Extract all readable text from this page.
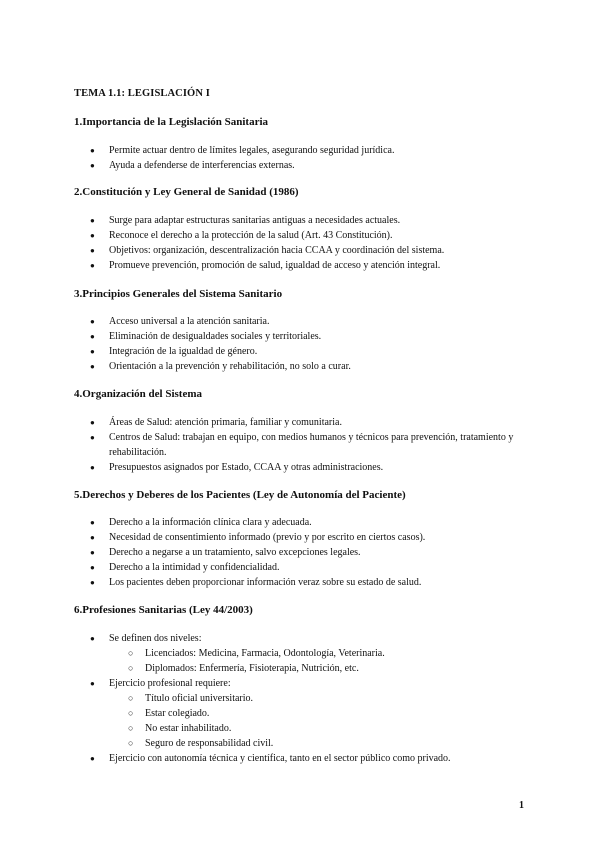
TEMA 1.1: LEGISLACIÓN I
1.Importancia de la Legislación Sanitaria
● Permite actuar dentro de límites legales, asegurando seguridad jurídica.
● Ayuda a defenderse de interferencias externas.
2.Constitución y Ley General de Sanidad (1986)
● Surge para adaptar estructuras sanitarias antiguas a necesidades actuales.
● Reconoce el derecho a la protección de la salud (Art. 43 Constitución).
● Objetivos: organización, descentralización hacia CCAA y coordinación del sistema.
● Promueve prevención, promoción de salud, igualdad de acceso y atención integral.
3.Principios Generales del Sistema Sanitario
● Acceso universal a la atención sanitaria.
● Eliminación de desigualdades sociales y territoriales.
● Integración de la igualdad de género.
● Orientación a la prevención y rehabilitación, no solo a curar.
4.Organización del Sistema
● Áreas de Salud: atención primaria, familiar y comunitaria.
● Centros de Salud: trabajan en equipo, con medios humanos y técnicos para prevención, tratamiento y rehabilitación.
● Presupuestos asignados por Estado, CCAA y otras administraciones.
5.Derechos y Deberes de los Pacientes (Ley de Autonomía del Paciente)
● Derecho a la información clínica clara y adecuada.
● Necesidad de consentimiento informado (previo y por escrito en ciertos casos).
● Derecho a negarse a un tratamiento, salvo excepciones legales.
● Derecho a la intimidad y confidencialidad.
● Los pacientes deben proporcionar información veraz sobre su estado de salud.
6.Profesiones Sanitarias (Ley 44/2003)
● Se definen dos niveles:
○ Licenciados: Medicina, Farmacia, Odontología, Veterinaria.
○ Diplomados: Enfermería, Fisioterapia, Nutrición, etc.
● Ejercicio profesional requiere:
○ Título oficial universitario.
○ Estar colegiado.
○ No estar inhabilitado.
○ Seguro de responsabilidad civil.
● Ejercicio con autonomía técnica y científica, tanto en el sector público como privado.
1
